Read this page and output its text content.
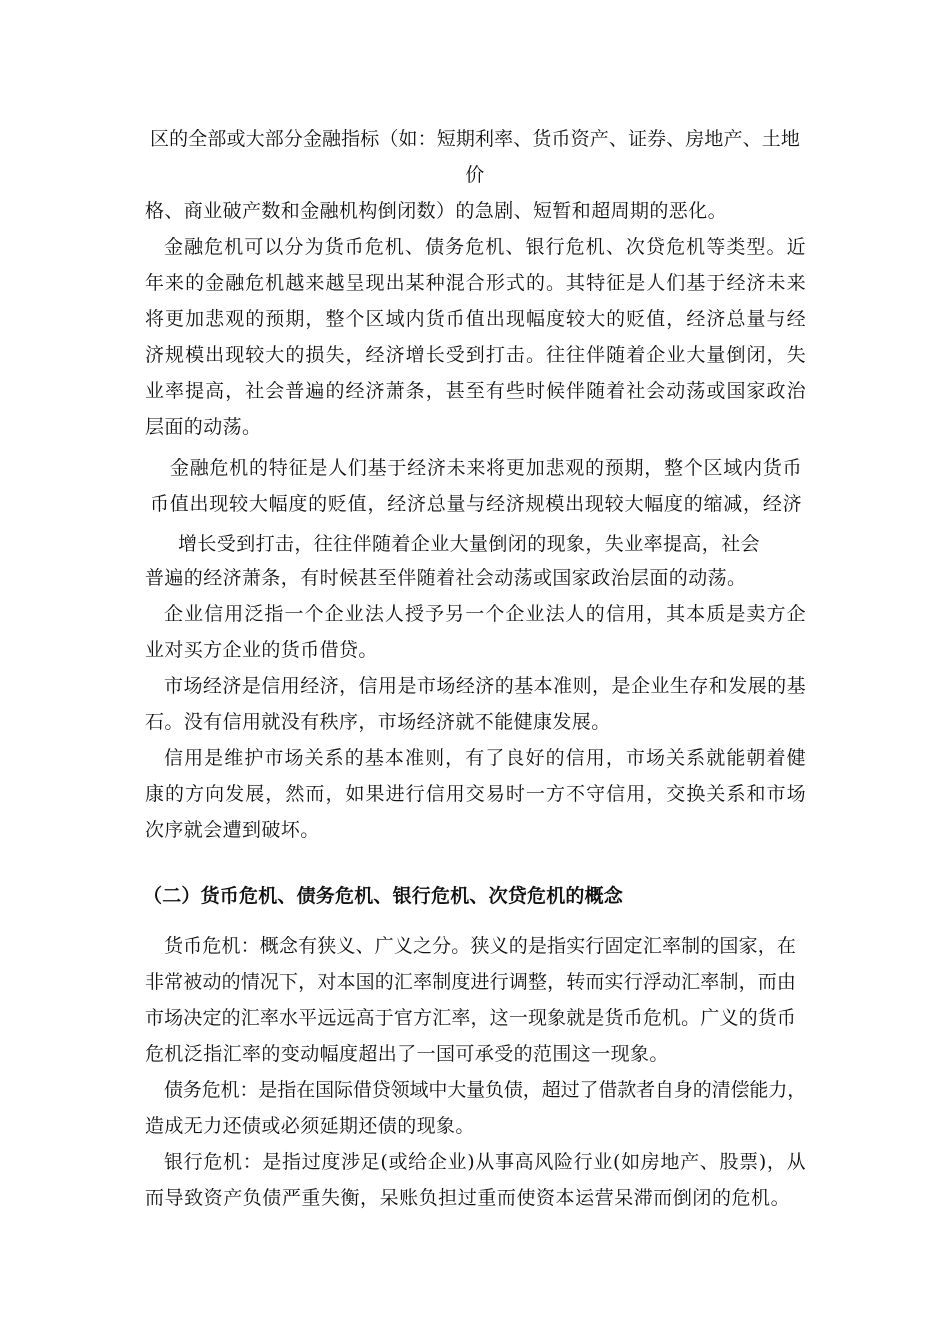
区的全部或大部分金融指标（如：短期利率、货币资产、证券、房地产、土地
价
格、商业破产数和金融机构倒闭数）的急剧、短暂和超周期的恶化。
金融危机可以分为货币危机、债务危机、银行危机、次贷危机等类型。近
年来的金融危机越来越呈现出某种混合形式的。其特征是人们基于经济未来
将更加悲观的预期，整个区域内货币值出现幅度较大的贬值，经济总量与经
济规模出现较大的损失，经济增长受到打击。往往伴随着企业大量倒闭，失
业率提高，社会普遍的经济萧条，甚至有些时候伴随着社会动荡或国家政治
层面的动荡。
金融危机的特征是人们基于经济未来将更加悲观的预期，整个区域内货币
币值出现较大幅度的贬值，经济总量与经济规模出现较大幅度的缩减，经济
增长受到打击，往往伴随着企业大量倒闭的现象，失业率提高，社会
普遍的经济萧条，有时候甚至伴随着社会动荡或国家政治层面的动荡。
企业信用泛指一个企业法人授予另一个企业法人的信用，其本质是卖方企
业对买方企业的货币借贷。
市场经济是信用经济，信用是市场经济的基本准则，是企业生存和发展的基
石。没有信用就没有秩序，市场经济就不能健康发展。
信用是维护市场关系的基本准则，有了良好的信用，市场关系就能朝着健
康的方向发展，然而，如果进行信用交易时一方不守信用，交换关系和市场
次序就会遭到破坏。
（二）货币危机、债务危机、银行危机、次贷危机的概念
货币危机：概念有狭义、广义之分。狭义的是指实行固定汇率制的国家，在
非常被动的情况下，对本国的汇率制度进行调整，转而实行浮动汇率制，而由
市场决定的汇率水平远远高于官方汇率，这一现象就是货币危机。广义的货币
危机泛指汇率的变动幅度超出了一国可承受的范围这一现象。
债务危机：是指在国际借贷领域中大量负债，超过了借款者自身的清偿能力，
造成无力还债或必须延期还债的现象。
银行危机：是指过度涉足(或给企业)从事高风险行业(如房地产、股票)，从
而导致资产负债严重失衡，呆账负担过重而使资本运营呆滞而倒闭的危机。
